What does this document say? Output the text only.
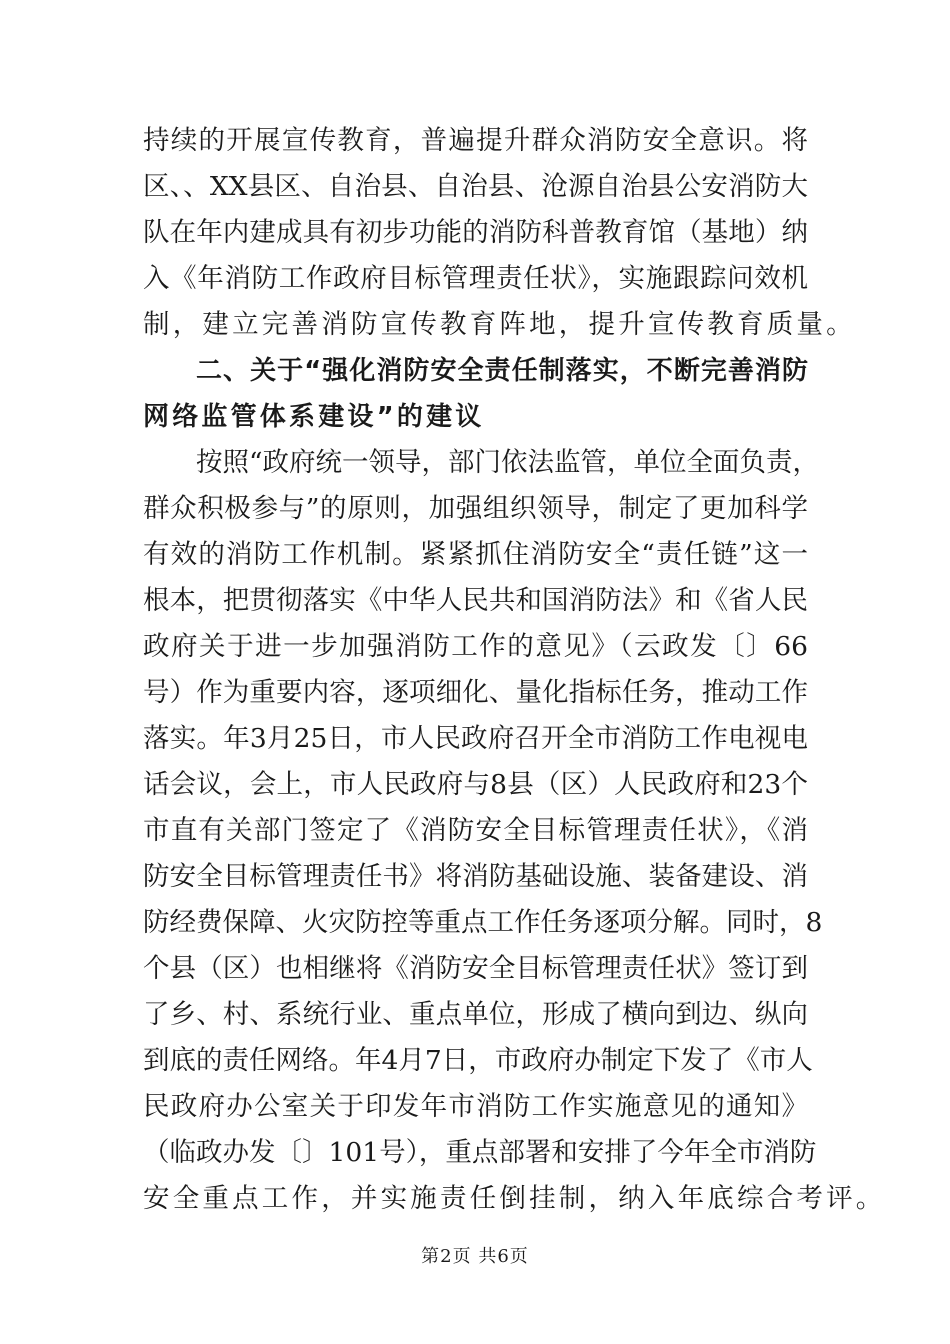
持续的开展宣传教育，普遍提升群众消防安全意识。将
区、、XX县区、自治县、自治县、沧源自治县公安消防大
队在年内建成具有初步功能的消防科普教育馆（基地）纳
入《年消防工作政府目标管理责任状》，实施跟踪问效机
制，建立完善消防宣传教育阵地，提升宣传教育质量。
二、关于“强化消防安全责任制落实，不断完善消防
网络监管体系建设”的建议
按照“政府统一领导，部门依法监管，单位全面负责，
群众积极参与”的原则，加强组织领导，制定了更加科学
有效的消防工作机制。紧紧抓住消防安全“责任链”这一
根本，把贯彻落实《中华人民共和国消防法》和《省人民
政府关于进一步加强消防工作的意见》（云政发〔〕66
号）作为重要内容，逐项细化、量化指标任务，推动工作
落实。年3月25日，市人民政府召开全市消防工作电视电
话会议，会上，市人民政府与8县（区）人民政府和23个
市直有关部门签定了《消防安全目标管理责任状》，《消
防安全目标管理责任书》将消防基础设施、装备建设、消
防经费保障、火灾防控等重点工作任务逐项分解。同时，8
个县（区）也相继将《消防安全目标管理责任状》签订到
了乡、村、系统行业、重点单位，形成了横向到边、纵向
到底的责任网络。年4月7日，市政府办制定下发了《市人
民政府办公室关于印发年市消防工作实施意见的通知》
（临政办发〔〕101号），重点部署和安排了今年全市消防
安全重点工作，并实施责任倒挂制，纳入年底综合考评。
第2页 共6页
